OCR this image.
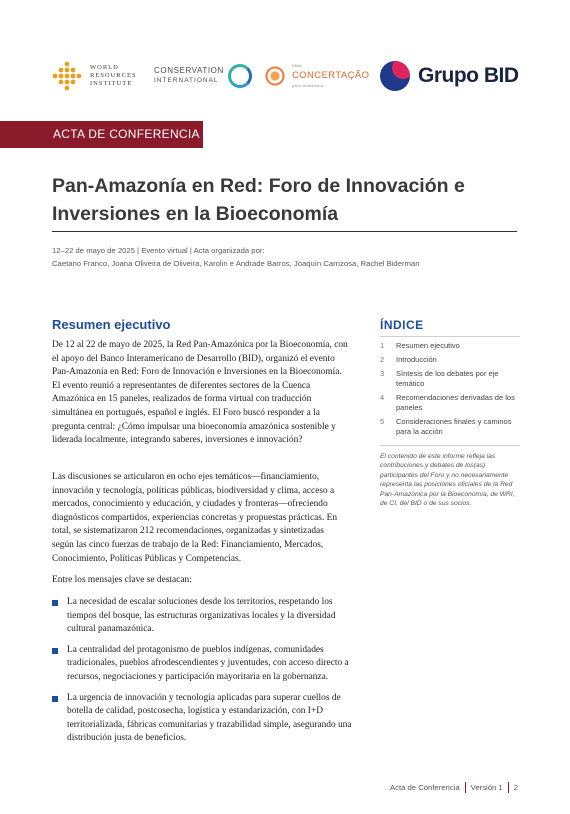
WORLD
RESOURCES
INSTITUTE
CONSERVATION
INTERNATIONAL
UMA
CONCERTAÇÃO
pela Amazônia	Grupo BID
ACTA DE CONFERENCIA
Pan-Amazonía en Red: Foro de Innovación e Inversiones en la Bioeconomía
12–22 de mayo de 2025 | Evento virtual | Acta organizada por:
Caetano Franco, Joana Oliveira de Oliveira, Karolin e Andrade Barros, Joaquín Carrizosa, Rachel Biderman
Resumen ejecutivo
De 12 al 22 de mayo de 2025, la Red Pan-Amazónica por la Bioeconomía, con el apoyo del Banco Interamericano de Desarrollo (BID), organizó el evento Pan-Amazonía en Red: Foro de Innovación e Inversiones en la Bioeconomía. El evento reunió a representantes de diferentes sectores de la Cuenca Amazónica en 15 paneles, realizados de forma virtual con traducción simultánea en portugués, español e inglés. El Foro buscó responder a la pregunta central: ¿Cómo impulsar una bioeconomía amazónica sostenible y liderada localmente, integrando saberes, inversiones e innovación?
Las discusiones se articularon en ocho ejes temáticos—financiamiento, innovación y tecnología, políticas públicas, biodiversidad y clima, acceso a mercados, conocimiento y educación, y ciudades y fronteras—ofreciendo diagnósticos compartidos, experiencias concretas y propuestas prácticas. En total, se sistematizaron 212 recomendaciones, organizadas y sintetizadas según las cinco fuerzas de trabajo de la Red: Financiamiento, Mercados, Conocimiento, Políticas Públicas y Competencias.
Entre los mensajes clave se destacan:
La necesidad de escalar soluciones desde los territorios, respetando los tiempos del bosque, las estructuras organizativas locales y la diversidad cultural panamazónica.
La centralidad del protagonismo de pueblos indígenas, comunidades tradicionales, pueblos afrodescendientes y juventudes, con acceso directo a recursos, negociaciones y participación mayoritaria en la gobernanza.
La urgencia de innovación y tecnología aplicadas para superar cuellos de botella de calidad, postcosecha, logística y estandarización, con I+D territorializada, fábricas comunitarias y trazabilidad simple, asegurando una distribución justa de beneficios.
ÍNDICE
1 Resumen ejecutivo
2 Introducción
3 Síntesis de los debates por eje temático
4 Recomendaciones derivadas de los paneles
5 Consideraciones finales y caminos para la acción
El contenido de este informe refleja las contribuciones y debates de los(as) participantes del Foro y no necesariamente representa las posiciones oficiales de la Red Pan-Amazónica por la Bioeconomía, de WRI, de CI, del BID o de sus socios.
Acta de Conferencia Versión 1 2
